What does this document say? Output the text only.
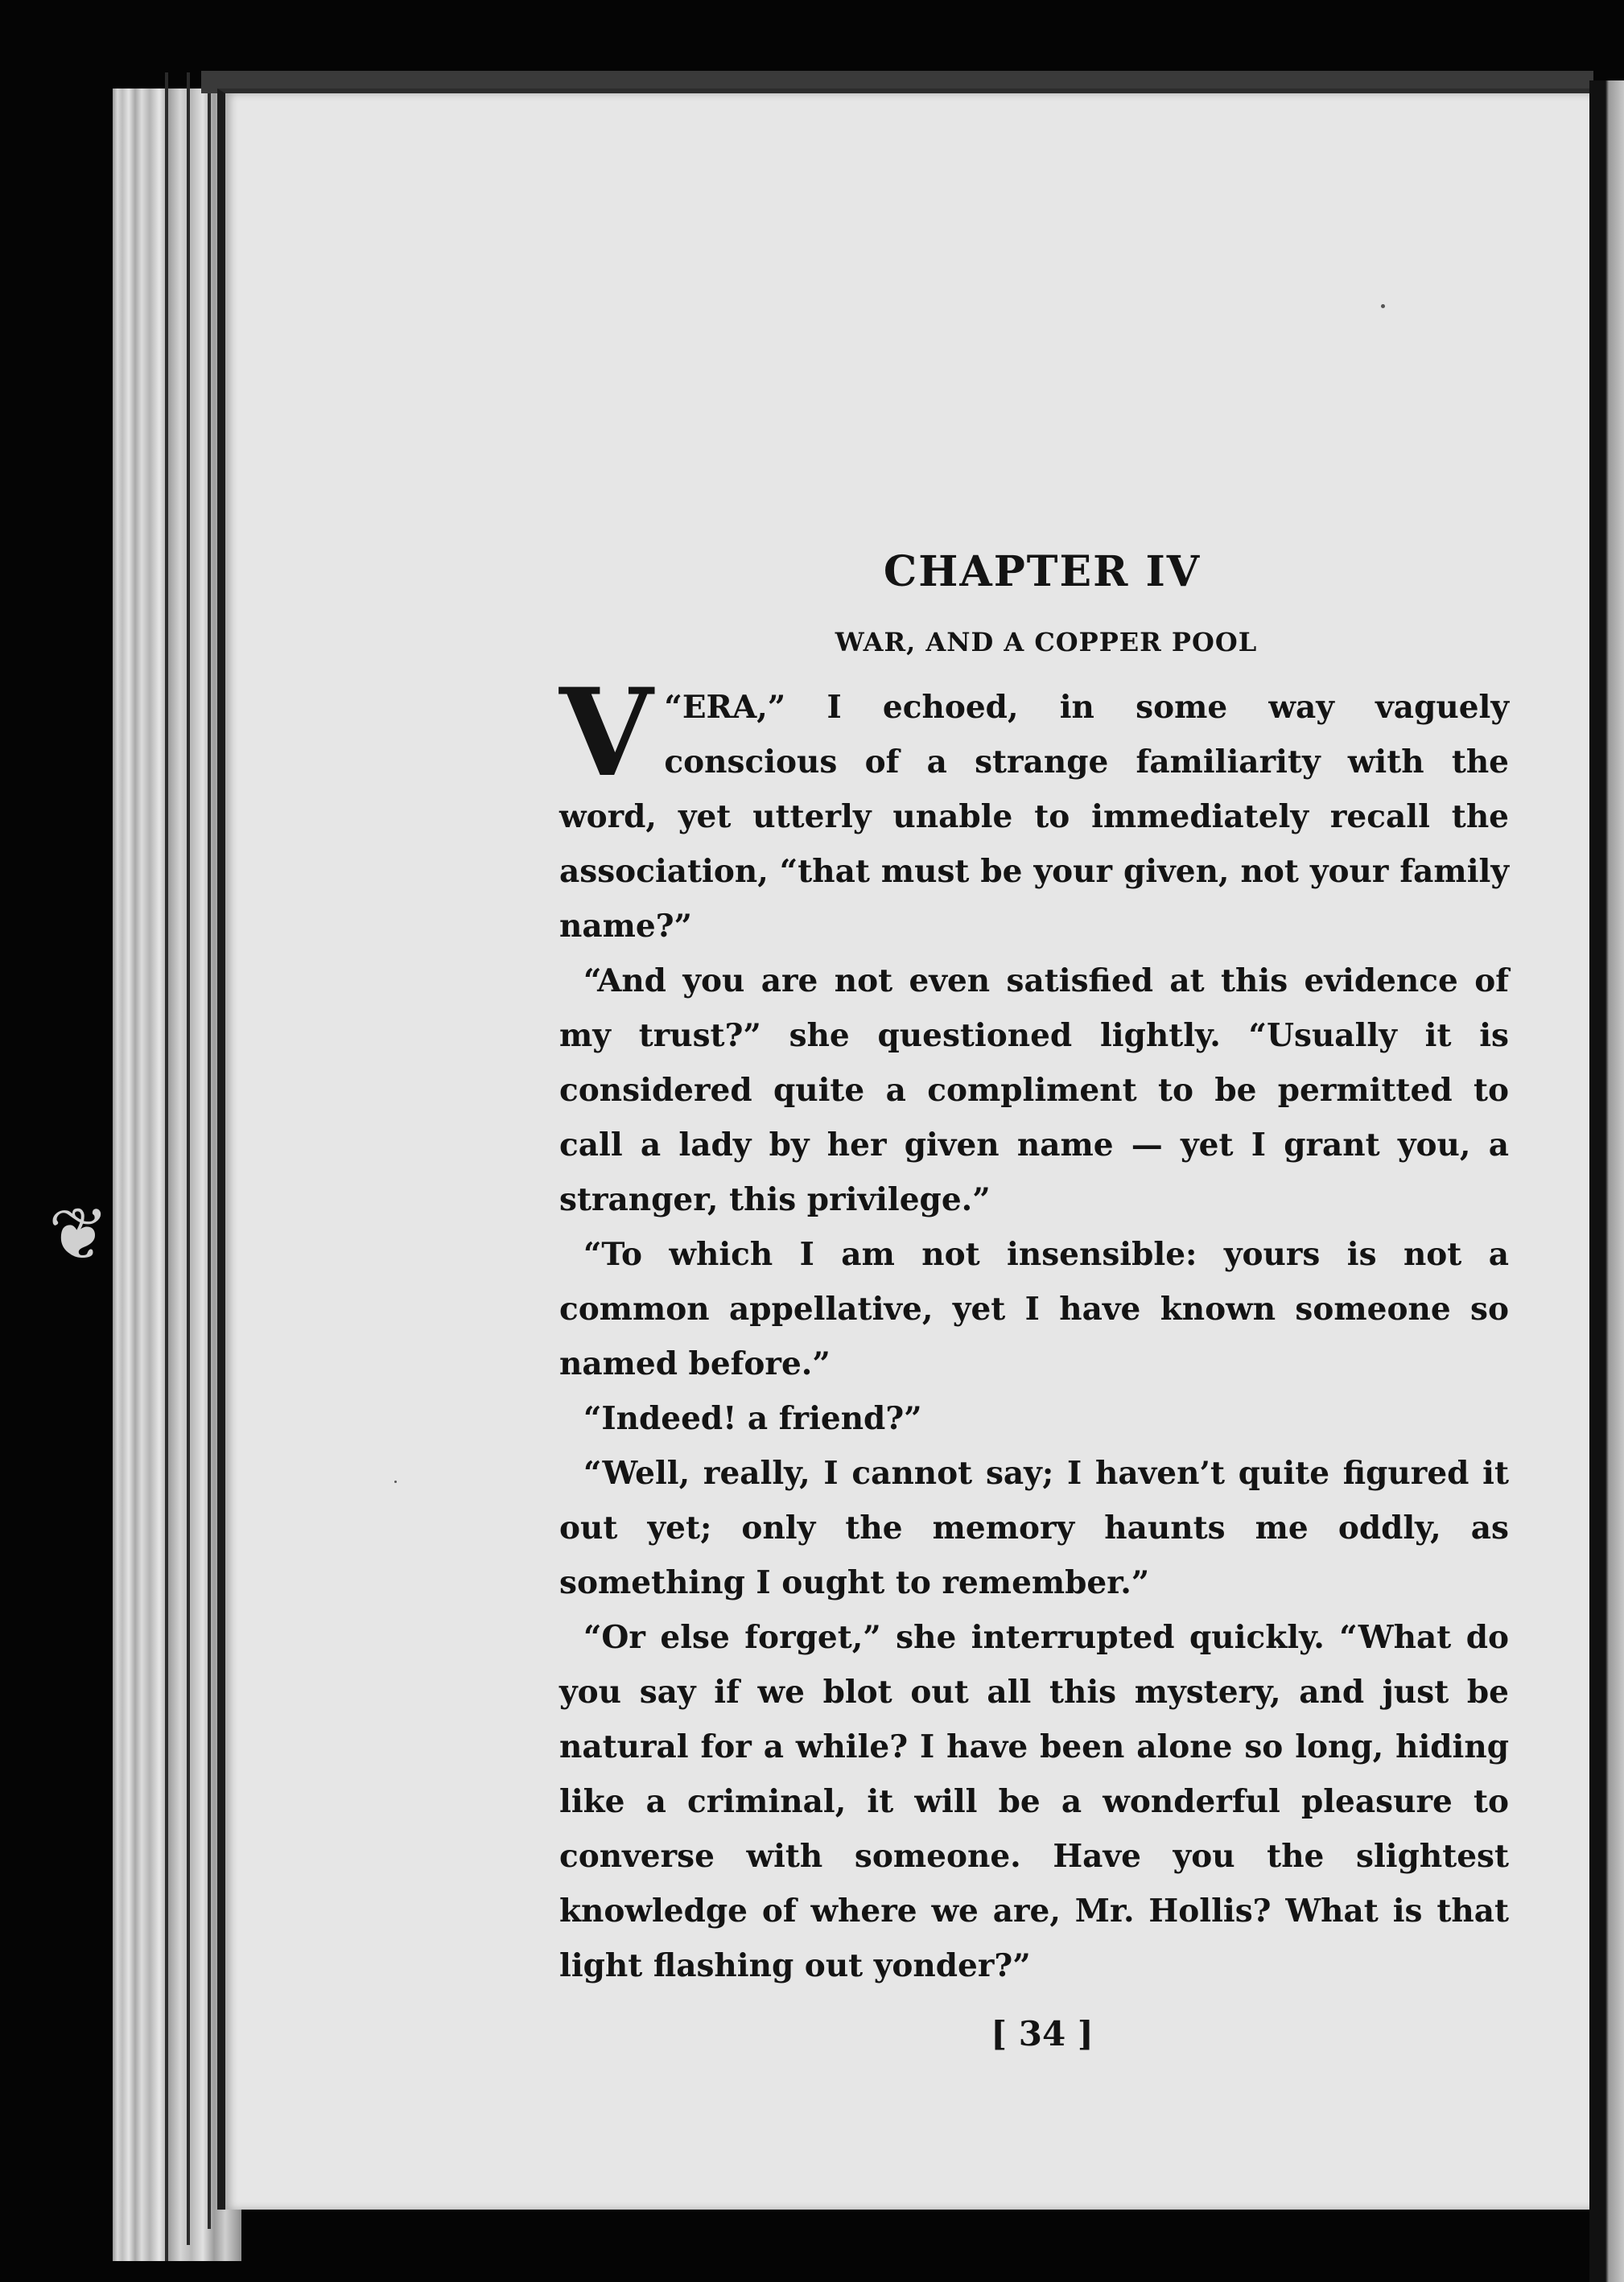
❦
CHAPTER IV
WAR, AND A COPPER POOL

“
V ERA,” I echoed, in some way vaguely conscious of a strange familiarity with the word, yet utterly unable to immediately recall the association, “that must be your given, not your family name?”

“And you are not even satisfied at this evidence of my trust?” she questioned lightly. “Usually it is considered quite a compliment to be permitted to call a lady by her given name — yet I grant you, a stranger, this privilege.”

“To which I am not insensible: yours is not a common appellative, yet I have known someone so named before.”

“Indeed! a friend?”

“Well, really, I cannot say; I haven’t quite figured it out yet; only the memory haunts me oddly, as something I ought to remember.”

“Or else forget,” she interrupted quickly. “What do you say if we blot out all this mystery, and just be natural for a while? I have been alone so long, hiding like a criminal, it will be a wonderful pleasure to converse with someone. Have you the slightest knowledge of where we are, Mr. Hollis? What is that light flashing out yonder?”

[ 34 ]
